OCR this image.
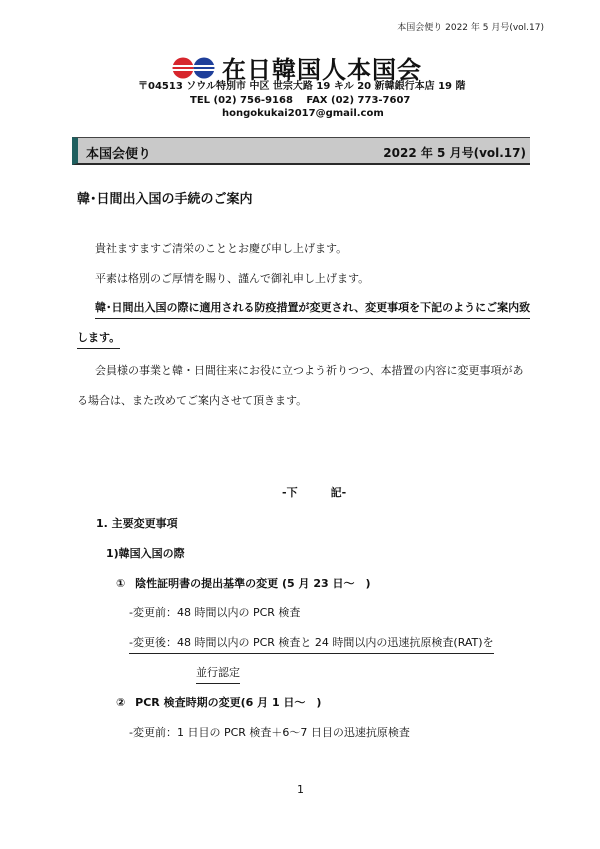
本国会便り 2022 年 5 月号(vol.17)
在日韓国人本国会
〒04513 ソウル特別市 中区 世宗大路 19 キル 20 新韓銀行本店 19 階
TEL (02) 756-9168　 FAX (02) 773-7607
hongokukai2017@gmail.com
本国会便り	2022 年 5 月号(vol.17)
韓･日間出入国の手続のご案内
貴社ますますご清栄のこととお慶び申し上げます。
平素は格別のご厚情を賜り、謹んで御礼申し上げます。
韓･日間出入国の際に適用される防疫措置が変更され、変更事項を下記のようにご案内致
します。
会員様の事業と韓・日間往来にお役に立つよう祈りつつ、本措置の内容に変更事項があ
る場合は、また改めてご案内させて頂きます。
-下　　　記-
1. 主要変更事項
1)韓国入国の際
① 陰性証明書の提出基準の変更 (5 月 23 日～　)
-変更前：48 時間以内の PCR 検査
-変更後：48 時間以内の PCR 検査と 24 時間以内の迅速抗原検査(RAT)を
並行認定
② PCR 検査時期の変更(6 月 1 日～　)
-変更前：1 日目の PCR 検査＋6～7 日目の迅速抗原検査
1
